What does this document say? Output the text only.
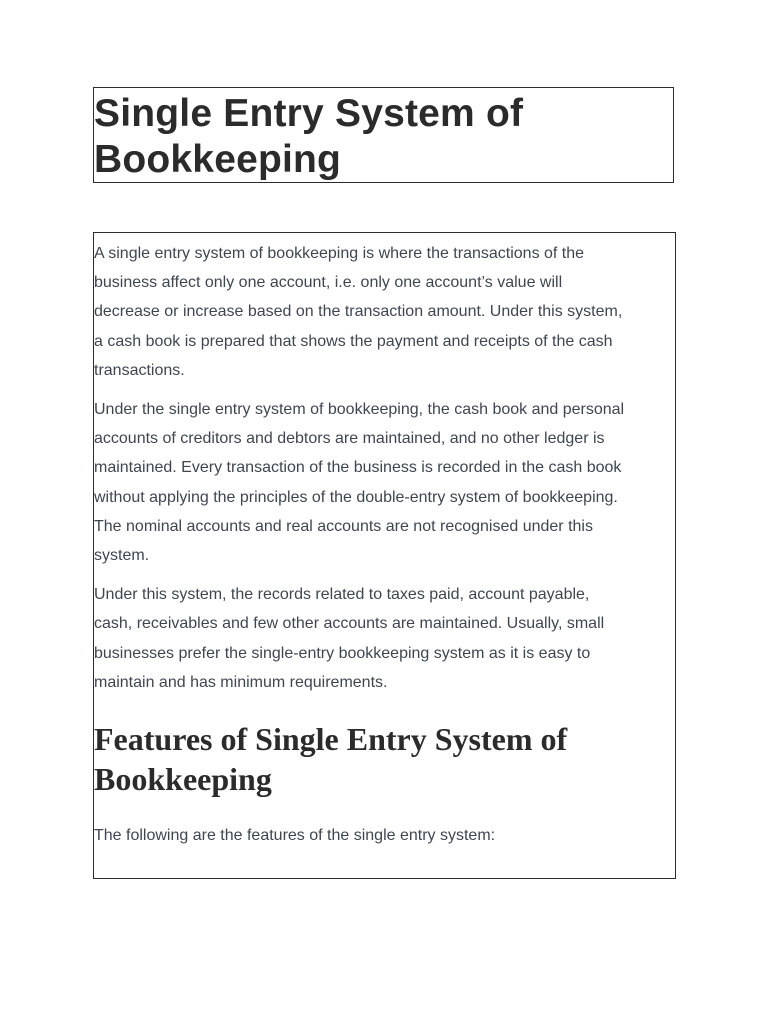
Single Entry System of
Bookkeeping

A single entry system of bookkeeping is where the transactions of the
business affect only one account, i.e. only one account’s value will
decrease or increase based on the transaction amount. Under this system,
a cash book is prepared that shows the payment and receipts of the cash
transactions.

Under the single entry system of bookkeeping, the cash book and personal
accounts of creditors and debtors are maintained, and no other ledger is
maintained. Every transaction of the business is recorded in the cash book
without applying the principles of the double-entry system of bookkeeping.
The nominal accounts and real accounts are not recognised under this
system.

Under this system, the records related to taxes paid, account payable,
cash, receivables and few other accounts are maintained. Usually, small
businesses prefer the single-entry bookkeeping system as it is easy to
maintain and has minimum requirements.

Features of Single Entry System of
Bookkeeping

The following are the features of the single entry system:
